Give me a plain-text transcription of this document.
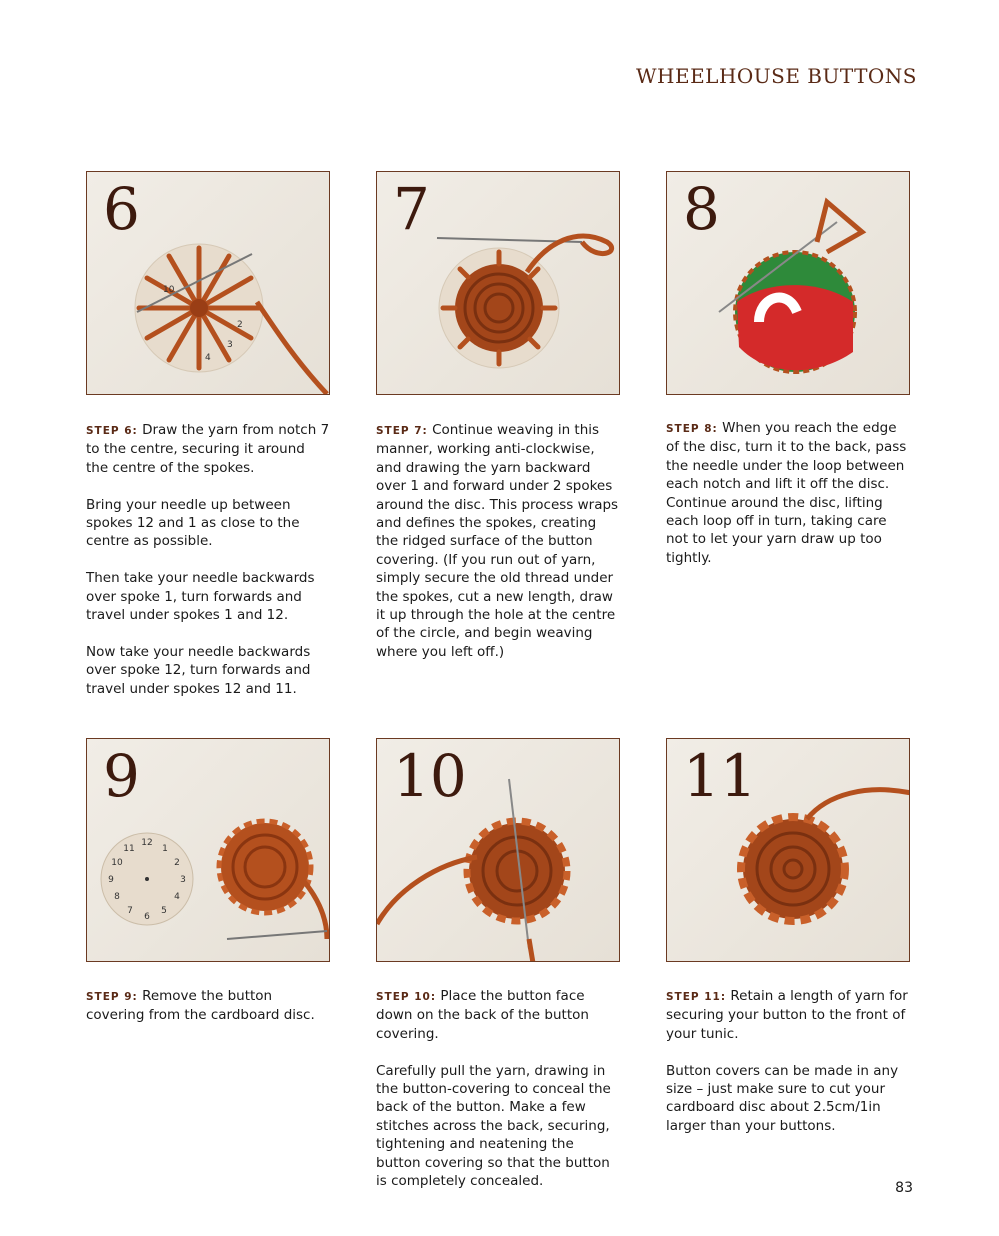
WHEELHOUSE BUTTONS
10
2
3
4
6	7	8

STEP 6: Draw the yarn from notch 7 to the centre, securing it around the centre of the spokes.

Bring your needle up between spokes 12 and 1 as close to the centre as possible.

Then take your needle backwards over spoke 1, turn forwards and travel under spokes 1 and 12.

Now take your needle backwards over spoke 12, turn forwards and travel under spokes 12 and 11.

STEP 7: Continue weaving in this manner, working anti-clockwise, and drawing the yarn backward over 1 and forward under 2 spokes around the disc. This process wraps and defines the spokes, creating the ridged surface of the button covering. (If you run out of yarn, simply secure the old thread under the spokes, cut a new length, draw it up through the hole at the centre of the circle, and begin weaving where you left off.)

STEP 8: When you reach the edge of the disc, turn it to the back, pass the needle under the loop between each notch and lift it off the disc. Continue around the disc, lifting each loop off in turn, taking care not to let your yarn draw up too tightly.

12
1
2
3
4
5
6
7
8
9
10
11
9	10	11

STEP 9: Remove the button covering from the cardboard disc.

STEP 10: Place the button face down on the back of the button covering.

Carefully pull the yarn, drawing in the button-covering to conceal the back of the button. Make a few stitches across the back, securing, tightening and neatening the button covering so that the button is completely concealed.

STEP 11: Retain a length of yarn for securing your button to the front of your tunic.

Button covers can be made in any size – just make sure to cut your cardboard disc about 2.5cm/1in larger than your buttons.

83
